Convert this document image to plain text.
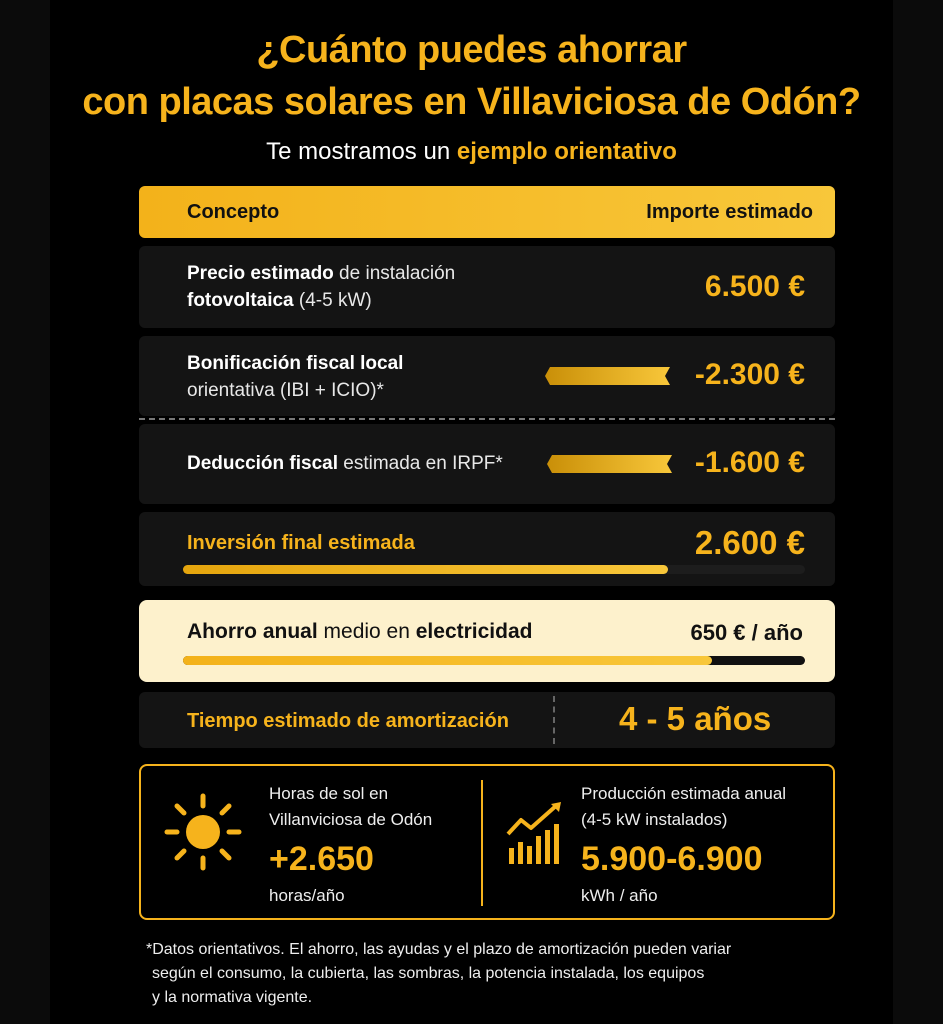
¿Cuánto puedes ahorrar
con placas solares en Villaviciosa de Odón?
Te mostramos un ejemplo orientativo
Concepto	Importe estimado
Precio estimado de instalación
fotovoltaica (4-5 kW)	6.500 €
Bonificación fiscal local
orientativa (IBI + ICIO)*	-2.300 €
Deducción fiscal estimada en IRPF*	-1.600 €
Inversión final estimada	2.600 €
Ahorro anual medio en electricidad	650 € / año
Tiempo estimado de amortización	4 - 5 años
Horas de sol en
Villanviciosa de Odón
+2.650
horas/año
Producción estimada anual
(4-5 kW instalados)
5.900-6.900
kWh / año
*Datos orientativos. El ahorro, las ayudas y el plazo de amortización pueden variar
según el consumo, la cubierta, las sombras, la potencia instalada, los equipos
y la normativa vigente.
